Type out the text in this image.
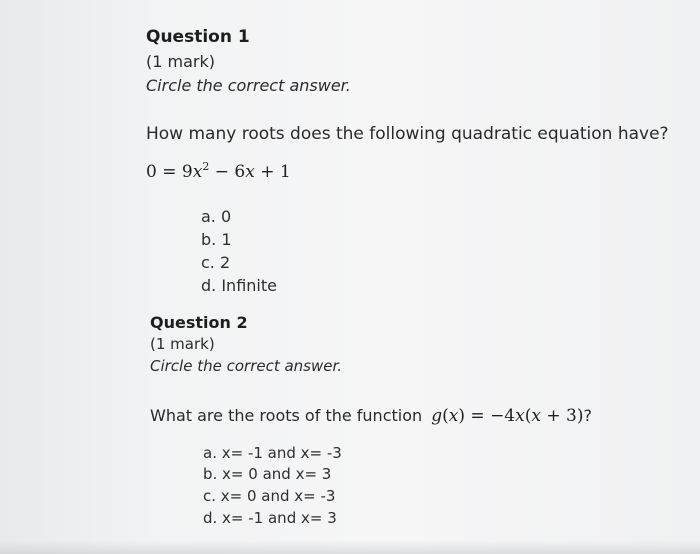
Question 1
(1 mark)
Circle the correct answer.
How many roots does the following quadratic equation have?
$0 = 9x^2 - 6x + 1$
a. 0
b. 1
c. 2
d. Infinite
Question 2
(1 mark)
Circle the correct answer.
What are the roots of the function g(x) = −4x(x + 3)?
a. x= -1 and x= -3
b. x= 0 and x= 3
c. x= 0 and x= -3
d. x= -1 and x= 3
